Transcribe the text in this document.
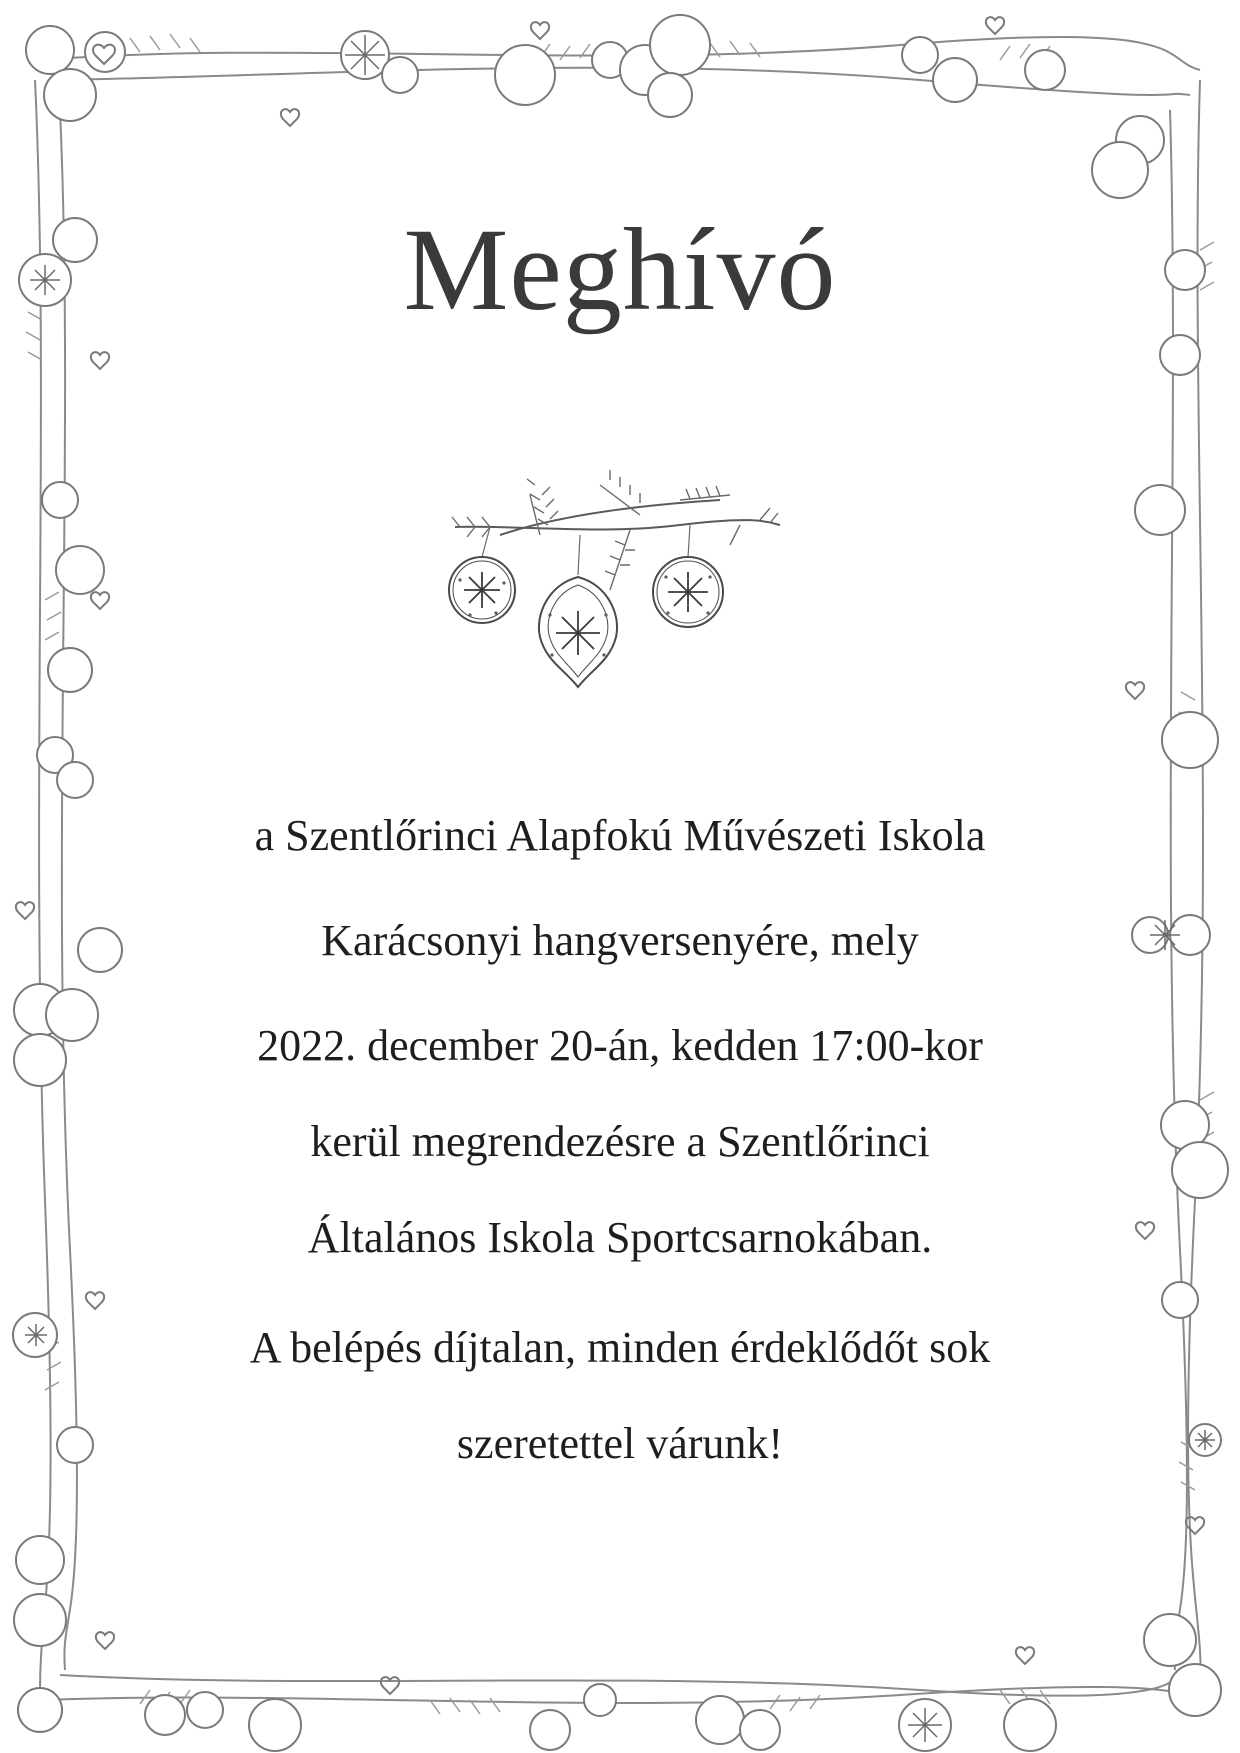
Meghívó
a Szentlőrinci Alapfokú Művészeti Iskola
Karácsonyi hangversenyére, mely
2022. december 20-án, kedden 17:00-kor
kerül megrendezésre a Szentlőrinci
Általános Iskola Sportcsarnokában.
A belépés díjtalan, minden érdeklődőt sok
szeretettel várunk!
